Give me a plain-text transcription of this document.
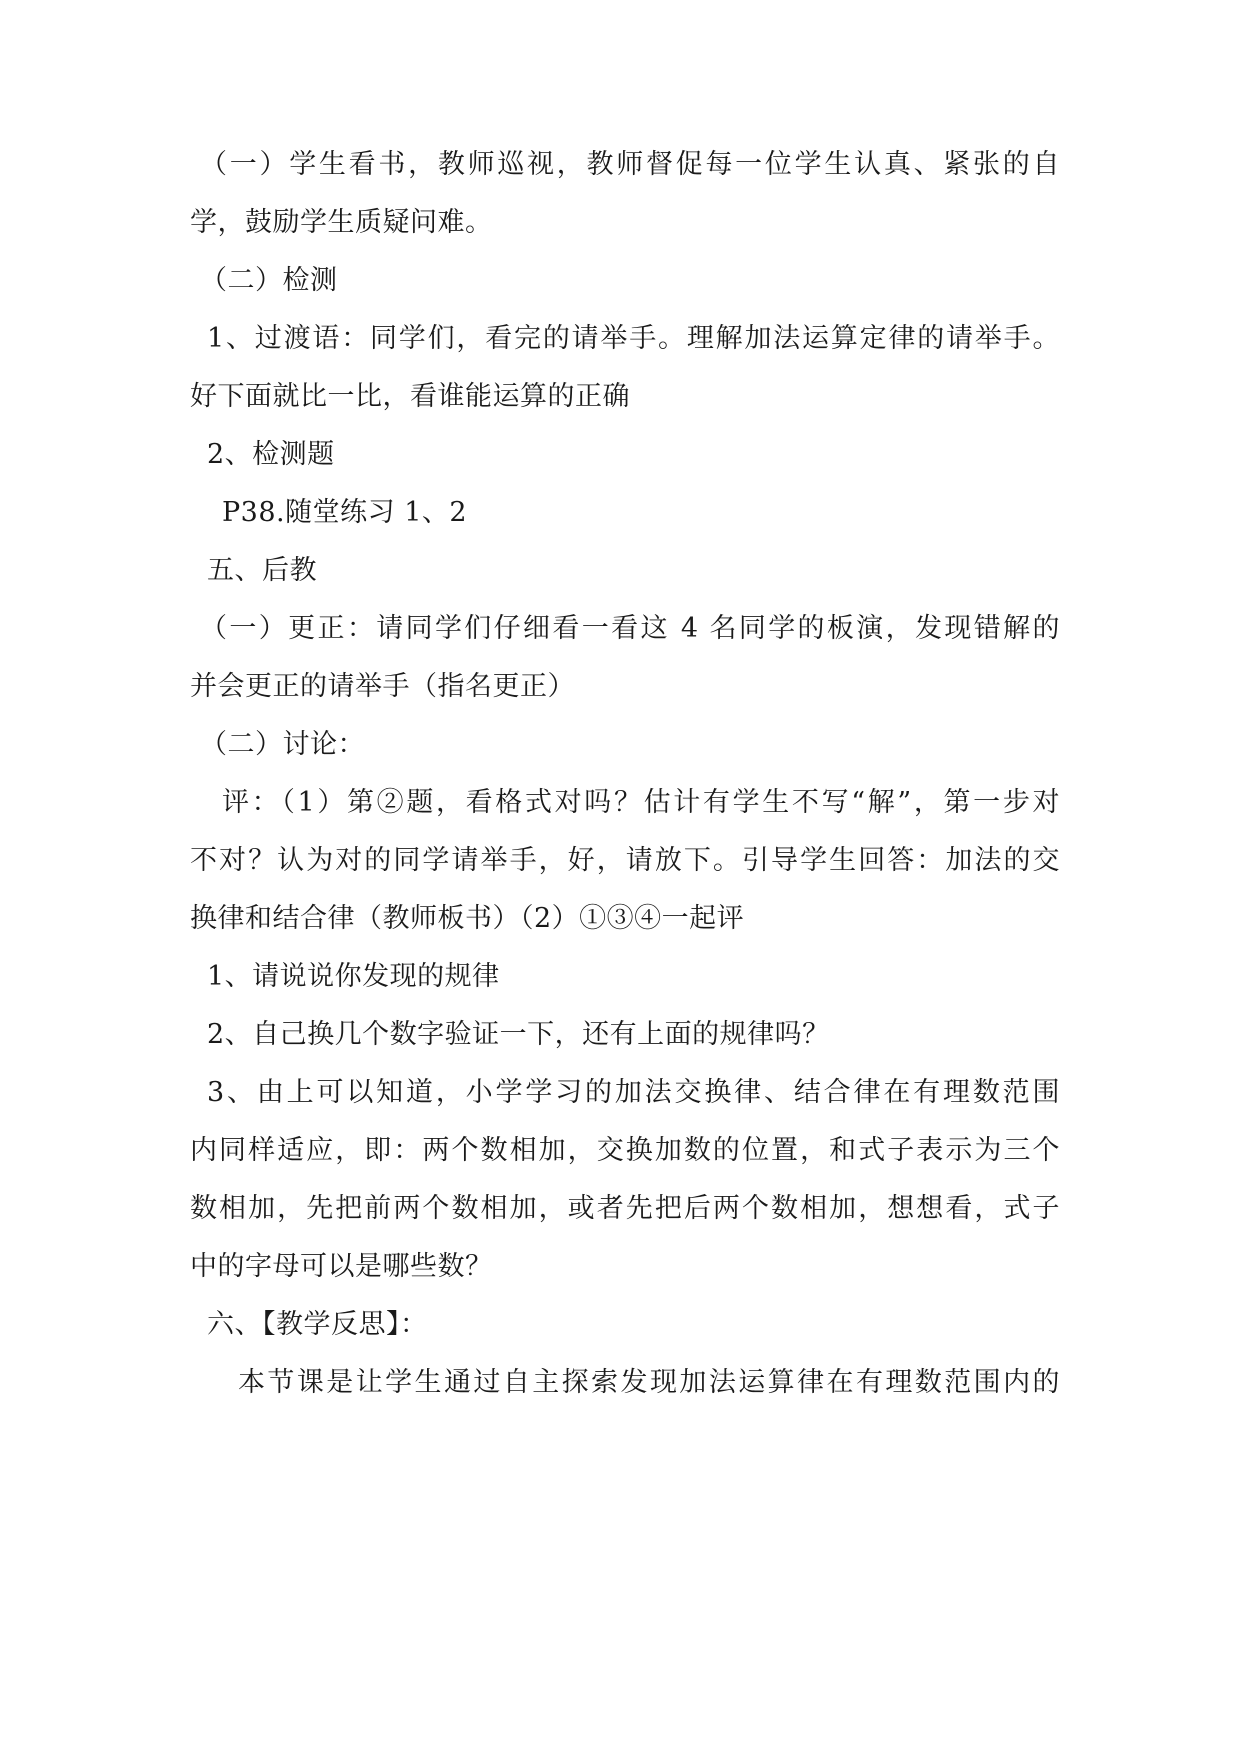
（一）学生看书，教师巡视，教师督促每一位学生认真、紧张的自
学，鼓励学生质疑问难。
（二）检测
1、过渡语：同学们，看完的请举手。理解加法运算定律的请举手。
好下面就比一比，看谁能运算的正确
2、检测题
P38.随堂练习 1、2
五、后教
（一）更正：请同学们仔细看一看这 4 名同学的板演，发现错解的
并会更正的请举手（指名更正）
（二）讨论：
评：（1）第②题，看格式对吗？估计有学生不写“解”，第一步对
不对？认为对的同学请举手，好，请放下。引导学生回答：加法的交
换律和结合律（教师板书）（2）①③④一起评
1、请说说你发现的规律
2、自己换几个数字验证一下，还有上面的规律吗？
3、由上可以知道，小学学习的加法交换律、结合律在有理数范围
内同样适应，即：两个数相加，交换加数的位置，和式子表示为三个
数相加，先把前两个数相加，或者先把后两个数相加，想想看，式子
中的字母可以是哪些数？
六、【教学反思】：
本节课是让学生通过自主探索发现加法运算律在有理数范围内的
